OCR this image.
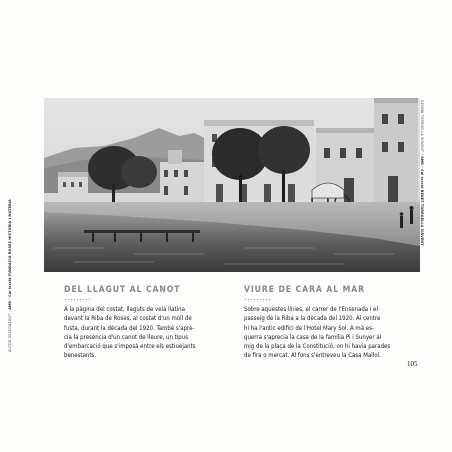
AUTOR DESCONEGUT · AMR - Col·lecció FUNDACIÓ ROSES HISTÒRIA I MATERIA
GEMMA TORROELLA SIRVENT · AMR - Col·lecció BENET TORROELLA SIRVENT
DEL LLAGUT AL CANOT

A la pàgina del costat, llaguts de vela llatina
davant la Riba de Roses, al costat d'un moll de
fusta, durant la dècada del 1920. També s'apre-
cia la presència d'un canot de lleure, un tipus
d'embarcació que s'imposà entre els estiuejants
benestants.

VIURE DE CARA AL MAR

Sobre aquestes línies, el carrer de l'Ensenada i el
passeig de la Riba a la dècada del 1920. Al centre
hi ha l'antic edifici de l'Hotel Mary Sol. A mà es-
querra s'aprecia la casa de la família Pi i Sunyer al
mig de la plaça de la Constitució, on hi havia parades
de fira o mercat. Al fons s'entreveu la Casa Mallol.

105
